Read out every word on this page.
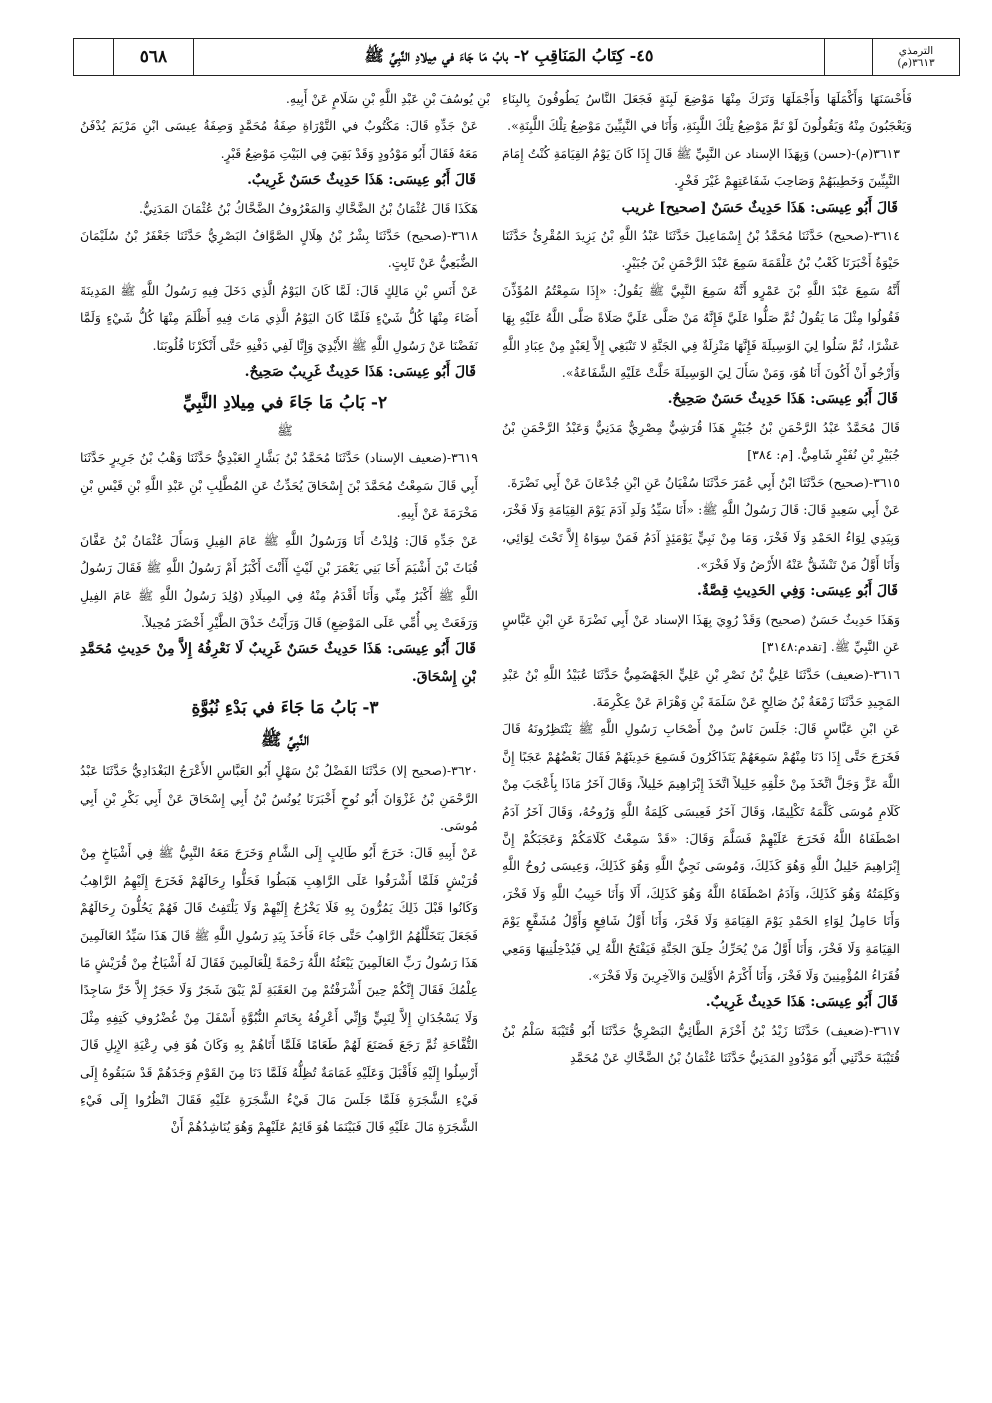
٥٦٨	٤٥- كِتَابُ المَنَاقِبِ ٢- بابُ مَا جَاءَ في مِيلادِ النَّبِيِّ ﷺ	الترمذي
٣٦١٣(م)

فَأَحْسَنَهَا وَأَكْمَلَهَا وَأَجْمَلَهَا وَتَرَكَ مِنْهَا مَوْضِعَ لَبِنَةٍ فَجَعَلَ النَّاسُ يَطُوفُونَ بِالبِنَاءِ وَيَعْجَبُونَ مِنْهُ وَيَقُولُونَ لَوْ تَمَّ مَوْضِعُ تِلْكَ اللَّبِنَةِ، وَأَنَا في النَّبِيِّينَ مَوْضِعُ تِلْكَ اللَّبِنَةِ».

٣٦١٣(م)-(حسن) وَبِهَذَا الإسناد عن النَّبِيِّ ﷺ قَالَ إِذَا كَانَ يَوْمُ القِيَامَةِ كُنْتُ إِمَامَ النَّبِيِّينَ وَخَطِيبَهُمْ وَصَاحِبَ شَفَاعَتِهِمْ غَيْرَ فَخْرٍ.

قَالَ أَبُو عِيسَى: هَذَا حَدِيثٌ حَسَنٌ [صحيح] غريب

٣٦١٤-(صحيح) حَدَّثَنَا مُحَمَّدُ بْنُ إِسْمَاعِيلَ حَدَّثَنَا عَبْدُ اللَّهِ بْنُ يَزِيدَ المُقْرِئُ حَدَّثَنَا حَيْوَةُ أَخْبَرَنَا كَعْبُ بْنُ عَلْقَمَةَ سَمِعَ عَبْدَ الرَّحْمَنِ بْنَ جُبَيْرٍ.

أَنَّهُ سَمِعَ عَبْدَ اللَّهِ بْنَ عَمْرٍو أَنَّهُ سَمِعَ النَّبِيَّ ﷺ يَقُولُ: «إِذَا سَمِعْتُمُ المُؤَذِّنَ فَقُولُوا مِثْلَ مَا يَقُولُ ثُمَّ صَلُّوا عَلَيَّ فَإِنَّهُ مَنْ صَلَّى عَلَيَّ صَلَاةً صَلَّى اللَّهُ عَلَيْهِ بِهَا عَشْرًا، ثُمَّ سَلُوا لِيَ الوَسِيلَةَ فَإِنَّهَا مَنْزِلَةٌ فِي الجَنَّةِ لا تَنْبَغِي إِلاَّ لِعَبْدٍ مِنْ عِبَادِ اللَّهِ وَأَرْجُو أَنْ أَكُونَ أَنَا هُوَ، وَمَنْ سَأَلَ لِيَ الوَسِيلَةَ حَلَّتْ عَلَيْهِ الشَّفَاعَةُ».

قَالَ أَبُو عِيسَى: هَذَا حَدِيثٌ حَسَنٌ صَحِيحٌ.

قَالَ مُحَمَّدٌ عَبْدُ الرَّحْمَنِ بْنُ جُبَيْرٍ هَذَا قُرَشِيٌّ مِصْرِيٌّ مَدَنِيٌّ وَعَبْدُ الرَّحْمَنِ بْنُ جُبَيْرِ بْنِ نُفَيْرٍ شَامِيٌّ. [م: ٣٨٤]

٣٦١٥-(صحيح) حَدَّثَنَا ابْنُ أَبِي عُمَرَ حَدَّثَنَا سُفْيَانُ عَنِ ابْنِ جُدْعَانَ عَنْ أَبِي نَضْرَةَ.

عَنْ أَبِي سَعِيدٍ قَالَ: قَالَ رَسُولُ اللَّهِ ﷺ: «أَنَا سَيِّدُ وَلَدِ آدَمَ يَوْمَ القِيَامَةِ وَلَا فَخْرَ، وَبِيَدِي لِوَاءُ الحَمْدِ وَلَا فَخْرَ، وَمَا مِنْ نَبِيٍّ يَوْمَئِذٍ آدَمُ فَمَنْ سِوَاهُ إِلاَّ تَحْتَ لِوَائِي، وَأَنَا أَوَّلُ مَنْ تَنْشَقُّ عَنْهُ الأَرْضُ وَلَا فَخْرَ».

قَالَ أَبُو عِيسَى: وَفِي الحَدِيثِ قِصَّةٌ.

وَهَذَا حَدِيثٌ حَسَنٌ (صحيح) وَقَدْ رُوِيَ بِهَذَا الإسناد عَنْ أَبِي نَضْرَةَ عَنِ ابْنِ عَبَّاسٍ عَنِ النَّبِيِّ ﷺ. [تقدم:٣١٤٨]

٣٦١٦-(ضعيف) حَدَّثَنَا عَلِيُّ بْنُ نَصْرِ بْنِ عَلِيٍّ الجَهْضَمِيُّ حَدَّثَنَا عُبَيْدُ اللَّهِ بْنُ عَبْدِ المَجِيدِ حَدَّثَنَا زَمْعَةُ بْنُ صَالِحٍ عَنْ سَلَمَةَ بْنِ وَهْرَامَ عَنْ عِكْرِمَةَ.

عَنِ ابْنِ عَبَّاسٍ قَالَ: جَلَسَ نَاسٌ مِنْ أَصْحَابِ رَسُولِ اللَّهِ ﷺ يَنْتَظِرُونَهُ قَالَ فَخَرَجَ حَتَّى إِذَا دَنَا مِنْهُمْ سَمِعَهُمْ يَتَذَاكَرُونَ فَسَمِعَ حَدِيثَهُمْ فَقَالَ بَعْضُهُمْ عَجَبًا إِنَّ اللَّهَ عَزَّ وَجَلَّ اتَّخَذَ مِنْ خَلْقِهِ خَلِيلاً اتَّخَذَ إِبْرَاهِيمَ خَلِيلاً، وَقَالَ آخَرُ مَاذَا بِأَعْجَبَ مِنْ كَلَامِ مُوسَى كَلَّمَهُ تَكْلِيمًا، وَقَالَ آخَرُ فَعِيسَى كَلِمَةُ اللَّهِ وَرُوحُهُ، وَقَالَ آخَرُ آدَمُ اصْطَفَاهُ اللَّهُ فَخَرَجَ عَلَيْهِمْ فَسَلَّمَ وَقَالَ: «قَدْ سَمِعْتُ كَلَامَكُمْ وَعَجَبَكُمْ إِنَّ إِبْرَاهِيمَ خَلِيلُ اللَّهِ وَهُوَ كَذَلِكَ، وَمُوسَى نَجِيُّ اللَّهِ وَهُوَ كَذَلِكَ، وَعِيسَى رُوحُ اللَّهِ وَكَلِمَتُهُ وَهُوَ كَذَلِكَ، وَآدَمُ اصْطَفَاهُ اللَّهُ وَهُوَ كَذَلِكَ، أَلَا وَأَنَا حَبِيبُ اللَّهِ وَلَا فَخْرَ، وَأَنَا حَامِلُ لِوَاءِ الحَمْدِ يَوْمَ القِيَامَةِ وَلَا فَخْرَ، وَأَنَا أَوَّلُ شَافِعٍ وَأَوَّلُ مُشَفَّعٍ يَوْمَ القِيَامَةِ وَلَا فَخْرَ، وَأَنَا أَوَّلُ مَنْ يُحَرِّكُ حِلَقَ الجَنَّةِ فَيَفْتَحُ اللَّهُ لِي فَيُدْخِلُنِيهَا وَمَعِي فُقَرَاءُ المُؤْمِنِينَ وَلَا فَخْرَ، وَأَنَا أَكْرَمُ الأَوَّلِينَ وَالآخِرِينَ وَلَا فَخْرَ».

قَالَ أَبُو عِيسَى: هَذَا حَدِيثٌ غَرِيبٌ.

٣٦١٧-(ضعيف) حَدَّثَنَا زَيْدُ بْنُ أَخْزَمَ الطَّائِيُّ البَصْرِيُّ حَدَّثَنَا أَبُو قُتَيْبَةَ سَلْمُ بْنُ قُتَيْبَةَ حَدَّثَنِي أَبُو مَوْدُودٍ المَدَنِيُّ حَدَّثَنَا عُثْمَانُ بْنُ الضَّحَّاكِ عَنْ مُحَمَّدِ

بْنِ يُوسُفَ بْنِ عَبْدِ اللَّهِ بْنِ سَلَامٍ عَنْ أَبِيهِ.

عَنْ جَدِّهِ قَالَ: مَكْتُوبٌ في التَّوْرَاةِ صِفَةُ مُحَمَّدٍ وَصِفَةُ عِيسَى ابْنِ مَرْيَمَ يُدْفَنُ مَعَهُ فَقَالَ أَبُو مَوْدُودٍ وَقَدْ بَقِيَ فِي البَيْتِ مَوْضِعُ قَبْرٍ.

قَالَ أَبُو عِيسَى: هَذَا حَدِيثٌ حَسَنٌ غَرِيبٌ.

هَكَذَا قَالَ عُثْمَانُ بْنُ الضَّحَّاكِ وَالمَعْرُوفُ الضَّحَّاكُ بْنُ عُثْمَانَ المَدَنِيُّ.

٣٦١٨-(صحيح) حَدَّثَنَا بِشْرُ بْنُ هِلَالٍ الصَّوَّافُ البَصْرِيُّ حَدَّثَنَا جَعْفَرُ بْنُ سُلَيْمَانَ الضُّبَعِيُّ عَنْ ثَابِتٍ.

عَنْ أَنَسِ بْنِ مَالِكٍ قَالَ: لَمَّا كَانَ اليَوْمُ الَّذِي دَخَلَ فِيهِ رَسُولُ اللَّهِ ﷺ المَدِينَةَ أَضَاءَ مِنْهَا كُلُّ شَيْءٍ فَلَمَّا كَانَ اليَوْمُ الَّذِي مَاتَ فِيهِ أَظْلَمَ مِنْهَا كُلُّ شَيْءٍ وَلَمَّا نَفَضْنَا عَنْ رَسُولِ اللَّهِ ﷺ الأَيْدِيَ وَإِنَّا لَفِي دَفْنِهِ حَتَّى أَنْكَرْنَا قُلُوبَنَا.

قَالَ أَبُو عِيسَى: هَذَا حَدِيثٌ غَرِيبٌ صَحِيحٌ.

٢- بَابُ مَا جَاءَ في مِيلادِ النَّبِيِّ
ﷺ

٣٦١٩-(ضعيف الإسناد) حَدَّثَنَا مُحَمَّدُ بْنُ بَشَّارٍ العَبْدِيُّ حَدَّثَنَا وَهْبُ بْنُ جَرِيرٍ حَدَّثَنَا أَبِي قَالَ سَمِعْتُ مُحَمَّدَ بْنَ إِسْحَاقَ يُحَدِّثُ عَنِ المُطَّلِبِ بْنِ عَبْدِ اللَّهِ بْنِ قَيْسِ بْنِ مَخْرَمَةَ عَنْ أَبِيهِ.

عَنْ جَدِّهِ قَالَ: وُلِدْتُ أَنَا وَرَسُولُ اللَّهِ ﷺ عَامَ الفِيلِ وَسَأَلَ عُثْمَانُ بْنُ عَفَّانَ قُبَاثَ بْنَ أَشْيَمَ أَخَا بَنِي يَعْمَرَ بْنِ لَيْثٍ أَأَنْتَ أَكْبَرُ أَمْ رَسُولُ اللَّهِ ﷺ فَقَالَ رَسُولُ اللَّهِ ﷺ أَكْبَرُ مِنِّي وَأَنَا أَقْدَمُ مِنْهُ فِي المِيلَادِ (وُلِدَ رَسُولُ اللَّهِ ﷺ عَامَ الفِيلِ وَرَفَعَتْ بِي أُمِّي عَلَى المَوْضِعِ) قَالَ وَرَأَيْتُ خَذْقَ الطَّيْرِ أَخْضَرَ مُحِيلاً.

قَالَ أَبُو عِيسَى: هَذَا حَدِيثٌ حَسَنٌ غَرِيبٌ لَا نَعْرِفُهُ إِلاَّ مِنْ حَدِيثِ مُحَمَّدِ بْنِ إِسْحَاقَ.

٣- بَابُ مَا جَاءَ في بَدْءِ نُبُوَّةِ
النَّبِيِّ ﷺ

٣٦٢٠-(صحيح إلا) حَدَّثَنَا الفَضْلُ بْنُ سَهْلٍ أَبُو العَبَّاسِ الأَعْرَجُ البَغْدَادِيُّ حَدَّثَنَا عَبْدُ الرَّحْمَنِ بْنُ غَزْوَانَ أَبُو نُوحٍ أَخْبَرَنَا يُونُسُ بْنُ أَبِي إِسْحَاقَ عَنْ أَبِي بَكْرِ بْنِ أَبِي مُوسَى.

عَنْ أَبِيهِ قَالَ: خَرَجَ أَبُو طَالِبٍ إِلَى الشَّامِ وَخَرَجَ مَعَهُ النَّبِيُّ ﷺ فِي أَشْيَاخٍ مِنْ قُرَيْشٍ فَلَمَّا أَشْرَفُوا عَلَى الرَّاهِبِ هَبَطُوا فَحَلُّوا رِحَالَهُمْ فَخَرَجَ إِلَيْهِمُ الرَّاهِبُ وَكَانُوا قَبْلَ ذَلِكَ يَمُرُّونَ بِهِ فَلَا يَخْرُجُ إِلَيْهِمْ وَلَا يَلْتَفِتُ قَالَ فَهُمْ يَحُلُّونَ رِحَالَهُمْ فَجَعَلَ يَتَخَلَّلُهُمُ الرَّاهِبُ حَتَّى جَاءَ فَأَخَذَ بِيَدِ رَسُولِ اللَّهِ ﷺ قَالَ هَذَا سَيِّدُ العَالَمِينَ هَذَا رَسُولُ رَبِّ العَالَمِينَ يَبْعَثُهُ اللَّهُ رَحْمَةً لِلْعَالَمِينَ فَقَالَ لَهُ أَشْيَاخٌ مِنْ قُرَيْشٍ مَا عِلْمُكَ فَقَالَ إِنَّكُمْ حِينَ أَشْرَفْتُمْ مِنَ العَقَبَةِ لَمْ يَبْقَ شَجَرٌ وَلَا حَجَرٌ إِلاَّ خَرَّ سَاجِدًا وَلَا يَسْجُدَانِ إِلاَّ لِنَبِيٍّ وَإِنِّي أَعْرِفُهُ بِخَاتَمِ النُّبُوَّةِ أَسْفَلَ مِنْ غُضْرُوفِ كَتِفِهِ مِثْلَ التُّفَّاحَةِ ثُمَّ رَجَعَ فَصَنَعَ لَهُمْ طَعَامًا فَلَمَّا أَتَاهُمْ بِهِ وَكَانَ هُوَ فِي رِعْيَةِ الإِبِلِ قَالَ أَرْسِلُوا إِلَيْهِ فَأَقْبَلَ وَعَلَيْهِ غَمَامَةٌ تُظِلُّهُ فَلَمَّا دَنَا مِنَ القَوْمِ وَجَدَهُمْ قَدْ سَبَقُوهُ إِلَى فَيْءِ الشَّجَرَةِ فَلَمَّا جَلَسَ مَالَ فَيْءُ الشَّجَرَةِ عَلَيْهِ فَقَالَ انْظُرُوا إِلَى فَيْءِ الشَّجَرَةِ مَالَ عَلَيْهِ قَالَ فَبَيْنَمَا هُوَ قَائِمٌ عَلَيْهِمْ وَهُوَ يُنَاشِدُهُمْ أَنْ
